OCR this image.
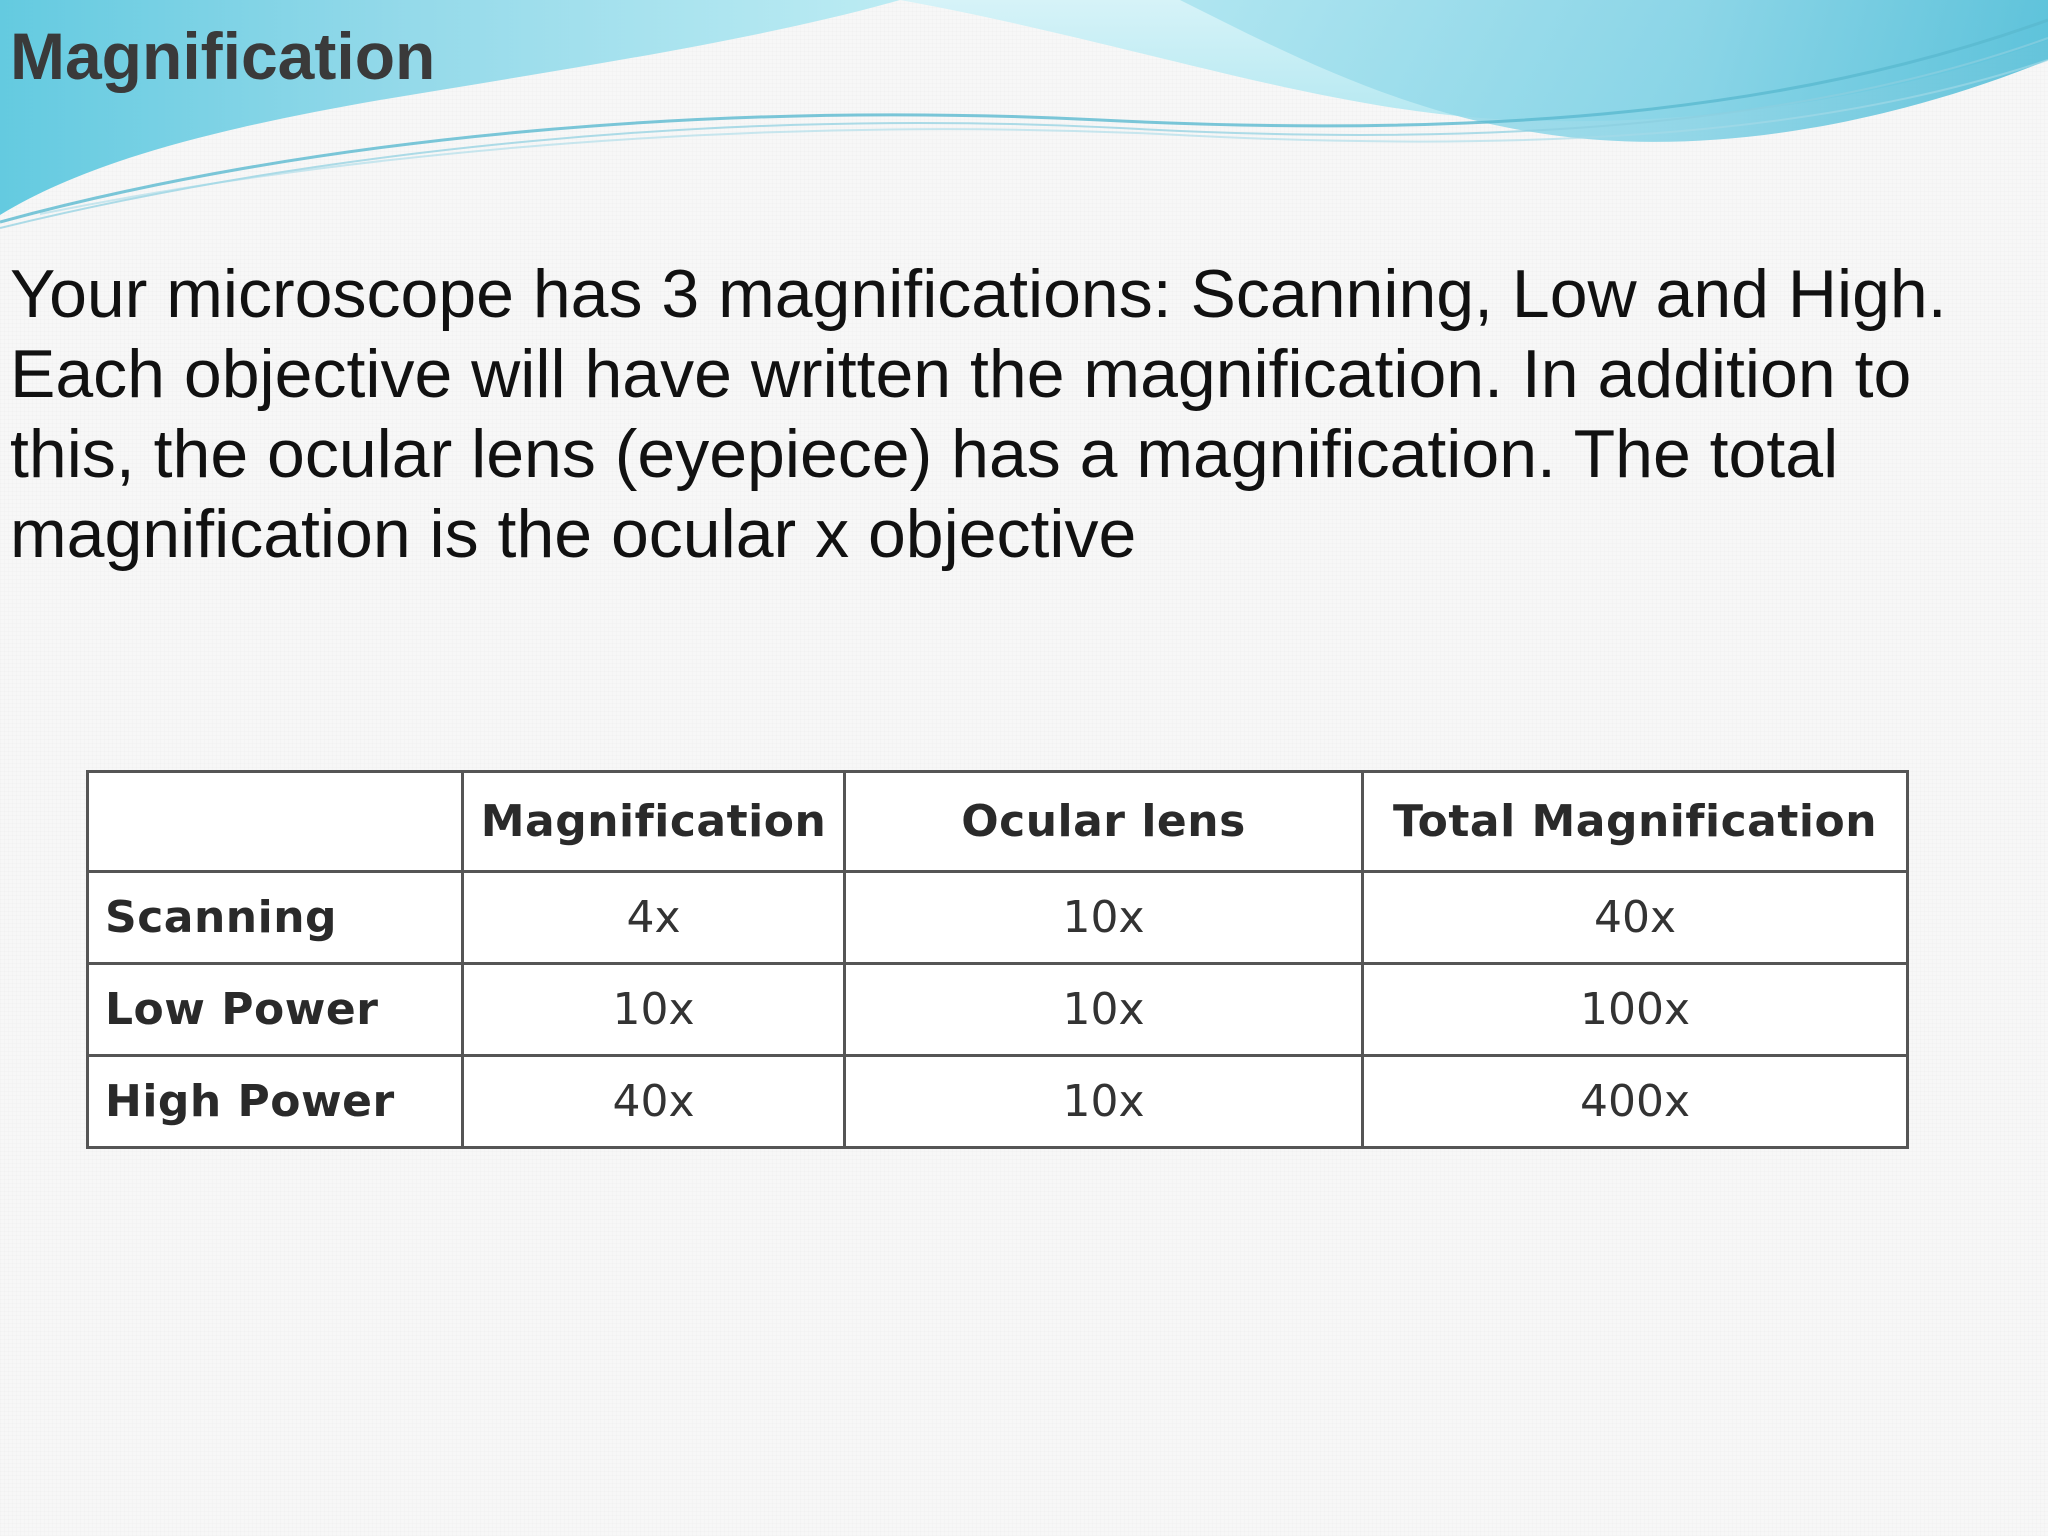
Magnification

Your microscope has 3 magnifications: Scanning, Low and High. Each objective will have written the magnification. In addition to this, the ocular lens (eyepiece) has a magnification. The total magnification is the ocular x objective

	Magnification	Ocular lens	Total Magnification
Scanning	4x	10x	40x
Low Power	10x	10x	100x
High Power	40x	10x	400x
